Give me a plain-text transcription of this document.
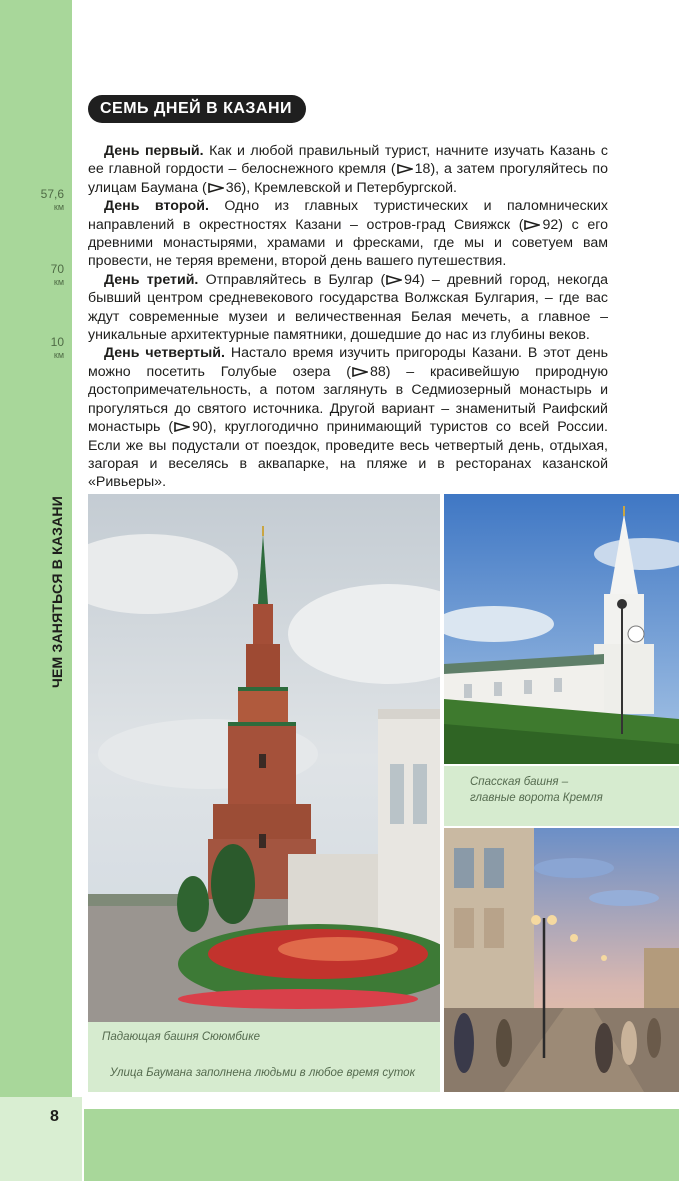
57,6
км
70
км
10
км
ЧЕМ ЗАНЯТЬСЯ В КАЗАНИ
СЕМЬ ДНЕЙ В КАЗАНИ

День первый. Как и любой правильный турист, начните изучать Казань с ее главной гордости – белоснежного кремля ( 18), а затем прогуляйтесь по улицам Баумана ( 36), Кремлевской и Петербургской.

День второй. Одно из главных туристических и паломнических направлений в окрестностях Казани – остров-град Свияжск ( 92) с его древними монастырями, храмами и фресками, где мы и советуем вам провести, не теряя времени, второй день вашего путешествия.

День третий. Отправляйтесь в Булгар ( 94) – древний город, некогда бывший центром средневекового государства Волжская Булгария, – где вас ждут современные музеи и величественная Белая мечеть, а главное – уникальные архитектурные памятники, дошедшие до нас из глубины веков.

День четвертый. Настало время изучить пригороды Казани. В этот день можно посетить Голубые озера ( 88) – красивейшую природную достопримечательность, а потом заглянуть в Седмиозерный монастырь и прогуляться до святого источника. Другой вариант – знаменитый Раифский монастырь ( 90), круглогодично принимающий туристов со всей России. Если же вы подустали от поездок, проведите весь четвертый день, отдыхая, загорая и веселясь в аквапарке, на пляже и в ресторанах казанской «Ривьеры».

Падающая башня Сююмбике
Улица Баумана заполнена людьми в любое время суток
Спасская башня –
главные ворота Кремля
8
